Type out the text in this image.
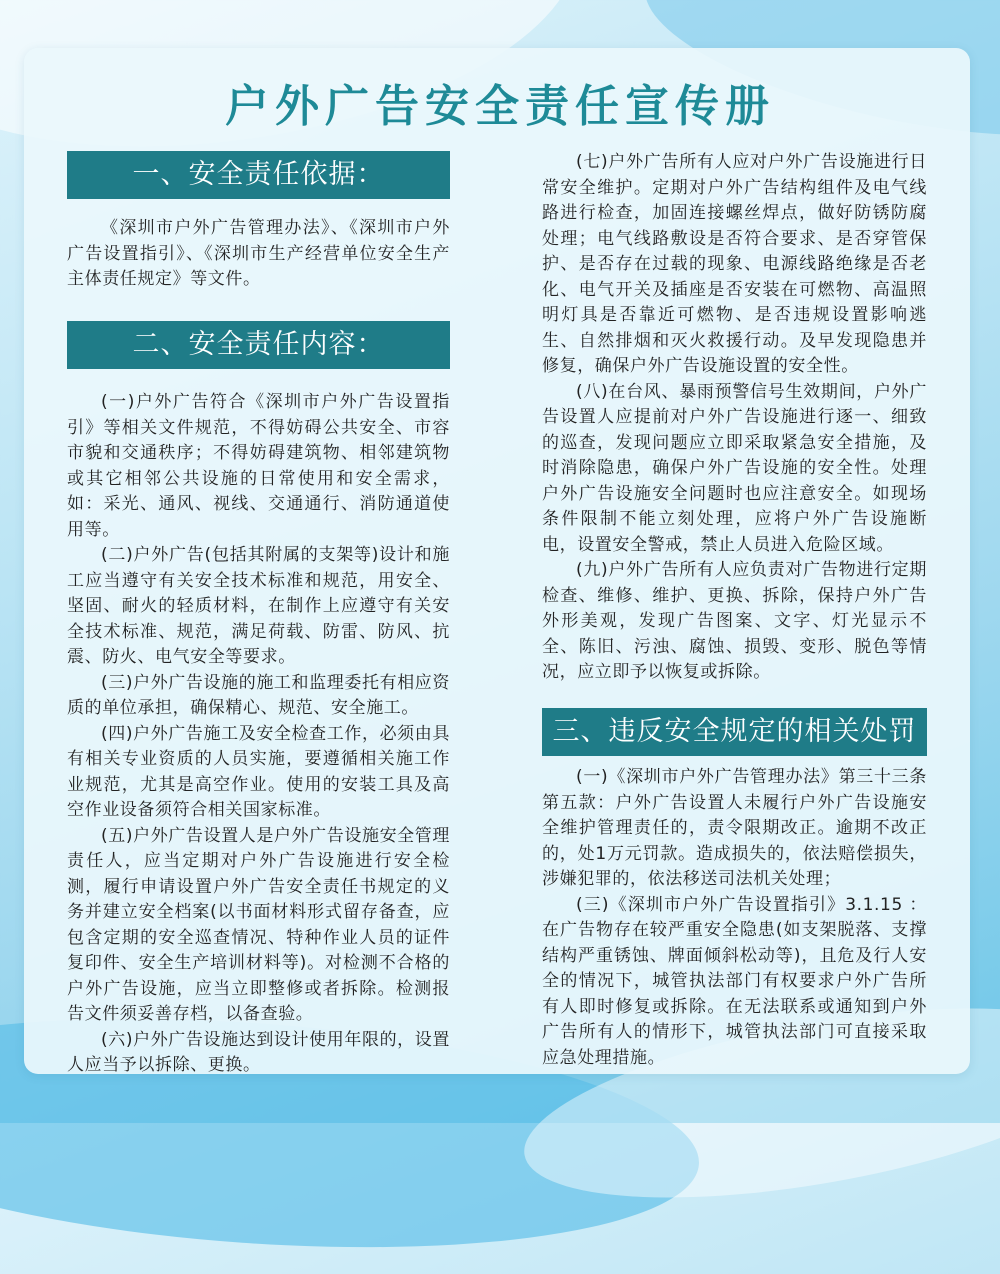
户外广告安全责任宣传册
一、安全责任依据：

《深圳市户外广告管理办法》、《深圳市户外广告设置指引》、《深圳市生产经营单位安全生产主体责任规定》等文件。

二、安全责任内容：

(一)户外广告符合《深圳市户外广告设置指引》等相关文件规范，不得妨碍公共安全、市容市貌和交通秩序；不得妨碍建筑物、相邻建筑物或其它相邻公共设施的日常使用和安全需求，如：采光、通风、视线、交通通行、消防通道使用等。

(二)户外广告(包括其附属的支架等)设计和施工应当遵守有关安全技术标准和规范，用安全、坚固、耐火的轻质材料，在制作上应遵守有关安全技术标准、规范，满足荷载、防雷、防风、抗震、防火、电气安全等要求。

(三)户外广告设施的施工和监理委托有相应资质的单位承担，确保精心、规范、安全施工。

(四)户外广告施工及安全检查工作，必须由具有相关专业资质的人员实施，要遵循相关施工作业规范，尤其是高空作业。使用的安装工具及高空作业设备须符合相关国家标准。

(五)户外广告设置人是户外广告设施安全管理责任人，应当定期对户外广告设施进行安全检测，履行申请设置户外广告安全责任书规定的义务并建立安全档案(以书面材料形式留存备查，应包含定期的安全巡查情况、特种作业人员的证件复印件、安全生产培训材料等)。对检测不合格的户外广告设施，应当立即整修或者拆除。检测报告文件须妥善存档，以备查验。

(六)户外广告设施达到设计使用年限的，设置人应当予以拆除、更换。

(七)户外广告所有人应对户外广告设施进行日常安全维护。定期对户外广告结构组件及电气线路进行检查，加固连接螺丝焊点，做好防锈防腐处理；电气线路敷设是否符合要求、是否穿管保护、是否存在过载的现象、电源线路绝缘是否老化、电气开关及插座是否安装在可燃物、高温照明灯具是否靠近可燃物、是否违规设置影响逃生、自然排烟和灭火救援行动。及早发现隐患并修复，确保户外广告设施设置的安全性。

(八)在台风、暴雨预警信号生效期间，户外广告设置人应提前对户外广告设施进行逐一、细致的巡查，发现问题应立即采取紧急安全措施，及时消除隐患，确保户外广告设施的安全性。处理户外广告设施安全问题时也应注意安全。如现场条件限制不能立刻处理，应将户外广告设施断电，设置安全警戒，禁止人员进入危险区域。

(九)户外广告所有人应负责对广告物进行定期检查、维修、维护、更换、拆除，保持户外广告外形美观，发现广告图案、文字、灯光显示不全、陈旧、污浊、腐蚀、损毁、变形、脱色等情况，应立即予以恢复或拆除。

三、违反安全规定的相关处罚

(一)《深圳市户外广告管理办法》第三十三条第五款：户外广告设置人未履行户外广告设施安全维护管理责任的，责令限期改正。逾期不改正的，处1万元罚款。造成损失的，依法赔偿损失，涉嫌犯罪的，依法移送司法机关处理；

(三)《深圳市户外广告设置指引》3.1.15 ：在广告物存在较严重安全隐患(如支架脱落、支撑结构严重锈蚀、牌面倾斜松动等)，且危及行人安全的情况下，城管执法部门有权要求户外广告所有人即时修复或拆除。在无法联系或通知到户外广告所有人的情形下，城管执法部门可直接采取应急处理措施。
